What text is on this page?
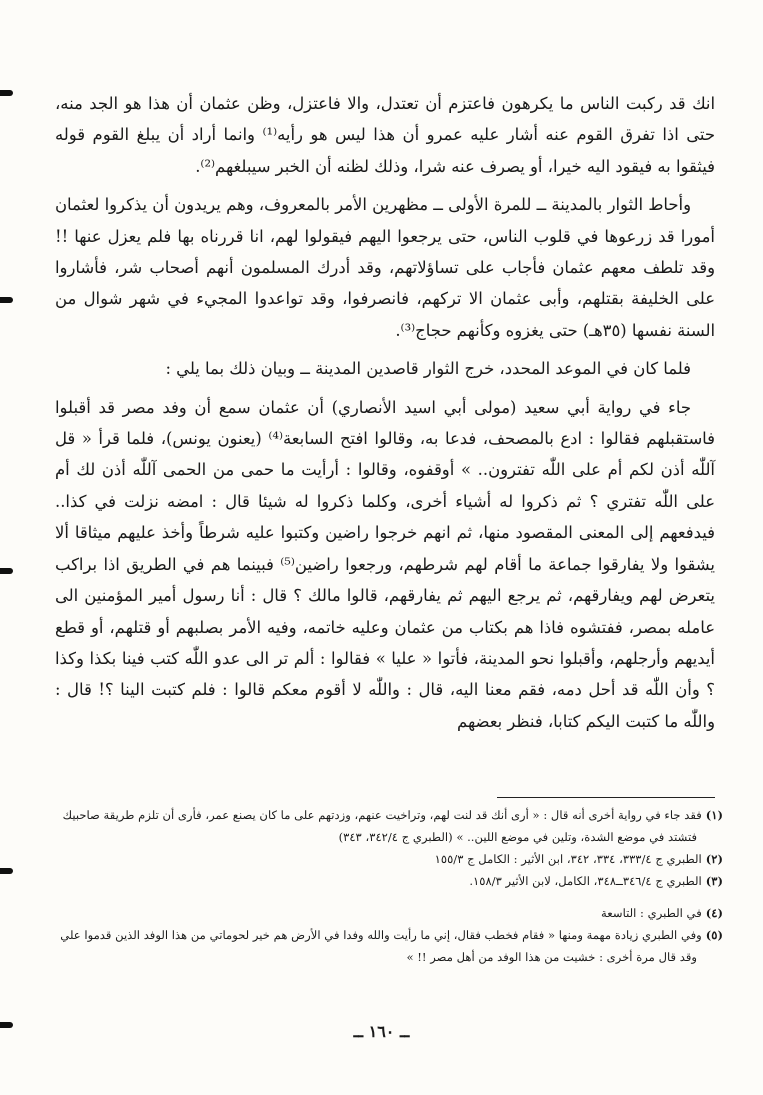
انك قد ركبت الناس ما يكرهون فاعتزم أن تعتدل، والا فاعتزل، وظن عثمان أن هذا هو الجد منه، حتى اذا تفرق القوم عنه أشار عليه عمرو أن هذا ليس هو رأيه⁽¹⁾ وانما أراد أن يبلغ القوم قوله فيثقوا به فيقود اليه خيرا، أو يصرف عنه شرا، وذلك لظنه أن الخبر سيبلغهم⁽²⁾.

وأحاط الثوار بالمدينة ــ للمرة الأولى ــ مظهرين الأمر بالمعروف، وهم يريدون أن يذكروا لعثمان أمورا قد زرعوها في قلوب الناس، حتى يرجعوا اليهم فيقولوا لهم، انا قررناه بها فلم يعزل عنها !! وقد تلطف معهم عثمان فأجاب على تساؤلاتهم، وقد أدرك المسلمون أنهم أصحاب شر، فأشاروا على الخليفة بقتلهم، وأبى عثمان الا تركهم، فانصرفوا، وقد تواعدوا المجيء في شهر شوال من السنة نفسها (٣٥هـ) حتى يغزوه وكأنهم حجاج⁽³⁾.

فلما كان في الموعد المحدد، خرج الثوار قاصدين المدينة ــ وبيان ذلك بما يلي :

جاء في رواية أبي سعيد (مولى أبي اسيد الأنصاري) أن عثمان سمع أن وفد مصر قد أقبلوا فاستقبلهم فقالوا : ادع بالمصحف، فدعا به، وقالوا افتح السابعة⁽⁴⁾ (يعنون يونس)، فلما قرأ « قل آللّٰه أذن لكم أم على اللّٰه تفترون.. » أوقفوه، وقالوا : أرأيت ما حمى من الحمى آللّٰه أذن لك أم على اللّٰه تفتري ؟ ثم ذكروا له أشياء أخرى، وكلما ذكروا له شيئا قال : امضه نزلت في كذا.. فيدفعهم إلى المعنى المقصود منها، ثم انهم خرجوا راضين وكتبوا عليه شرطاً وأخذ عليهم ميثاقا ألا يشقوا ولا يفارقوا جماعة ما أقام لهم شرطهم، ورجعوا راضين⁽⁵⁾ فبينما هم في الطريق اذا براكب يتعرض لهم ويفارقهم، ثم يرجع اليهم ثم يفارقهم، قالوا مالك ؟ قال : أنا رسول أمير المؤمنين الى عامله بمصر، ففتشوه فاذا هم بكتاب من عثمان وعليه خاتمه، وفيه الأمر بصلبهم أو قتلهم، أو قطع أيديهم وأرجلهم، وأقبلوا نحو المدينة، فأتوا « عليا » فقالوا : ألم تر الى عدو اللّٰه كتب فينا بكذا وكذا ؟ وأن اللّٰه قد أحل دمه، فقم معنا اليه، قال : واللّٰه لا أقوم معكم قالوا : فلم كتبت الينا ؟! قال : واللّٰه ما كتبت اليكم كتابا، فنظر بعضهم

(١)فقد جاء في رواية أخرى أنه قال : « أرى أنك قد لنت لهم، وتراخيت عنهم، وزدتهم على ما كان يصنع عمر، فأرى أن تلزم طريقة صاحبيك فتشتد في موضع الشدة، وتلين في موضع اللين.. » (الطبري ج ٣٤٢/٤، ٣٤٣)

(٢)الطبري ج ٣٣٣/٤، ٣٣٤، ٣٤٢، ابن الأثير : الكامل ج ١٥٥/٣

(٣)الطبري ج ٣٤٦/٤ــ٣٤٨، الكامل، لابن الأثير ١٥٨/٣.

(٤)في الطبري : التاسعة

(٥)وفي الطبري زيادة مهمة ومنها « فقام فخطب فقال، إني ما رأيت والله وفدا في الأرض هم خير لحوماتي من هذا الوفد الذين قدموا علي وقد قال مرة أخرى : خشيت من هذا الوفد من أهل مصر !! »

ــ ١٦٠ ــ
